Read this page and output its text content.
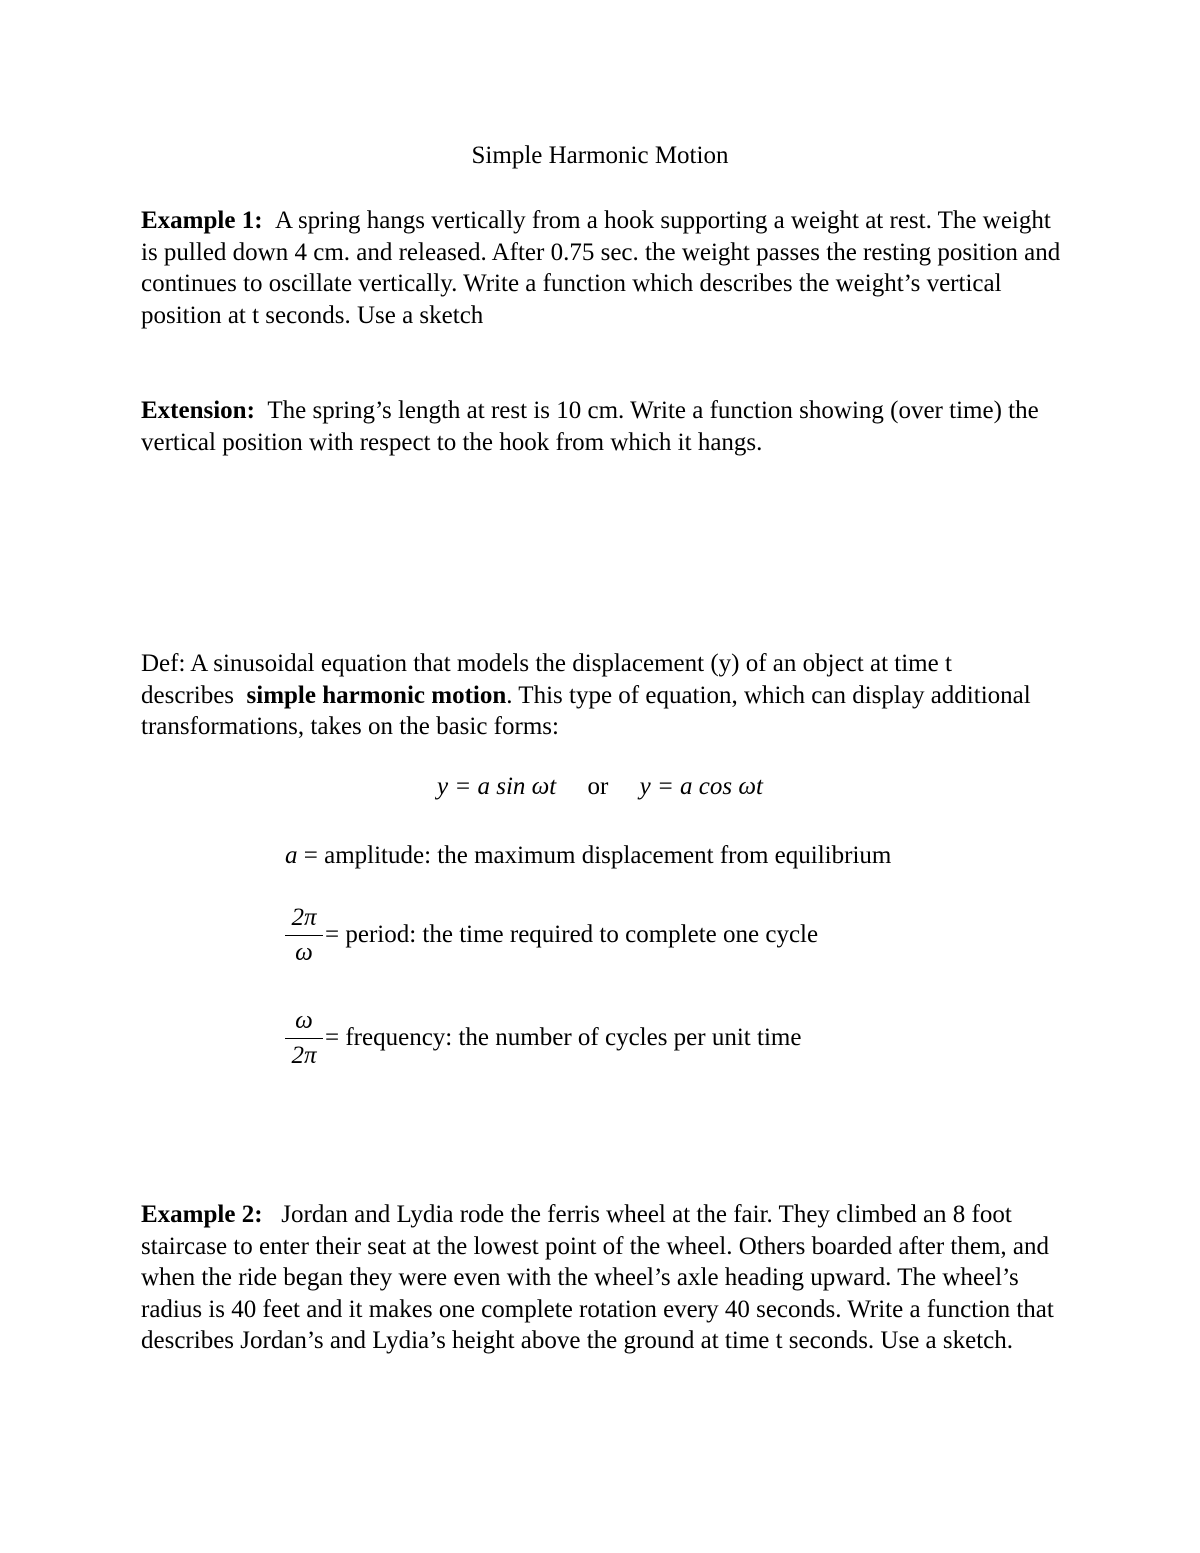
Simple Harmonic Motion
Example 1: A spring hangs vertically from a hook supporting a weight at rest. The weight is pulled down 4 cm. and released. After 0.75 sec. the weight passes the resting position and continues to oscillate vertically. Write a function which describes the weight’s vertical position at t seconds. Use a sketch
Extension: The spring’s length at rest is 10 cm. Write a function showing (over time) the vertical position with respect to the hook from which it hangs.
Def: A sinusoidal equation that models the displacement (y) of an object at time t describes simple harmonic motion. This type of equation, which can display additional transformations, takes on the basic forms:
y = a sin ωt or y = a cos ωt
a = amplitude: the maximum displacement from equilibrium
$\frac{2\pi}{\omega}$ = period: the time required to complete one cycle
$\frac{\omega}{2\pi}$ = frequency: the number of cycles per unit time
Example 2: Jordan and Lydia rode the ferris wheel at the fair. They climbed an 8 foot staircase to enter their seat at the lowest point of the wheel. Others boarded after them, and when the ride began they were even with the wheel’s axle heading upward. The wheel’s radius is 40 feet and it makes one complete rotation every 40 seconds. Write a function that describes Jordan’s and Lydia’s height above the ground at time t seconds. Use a sketch.
